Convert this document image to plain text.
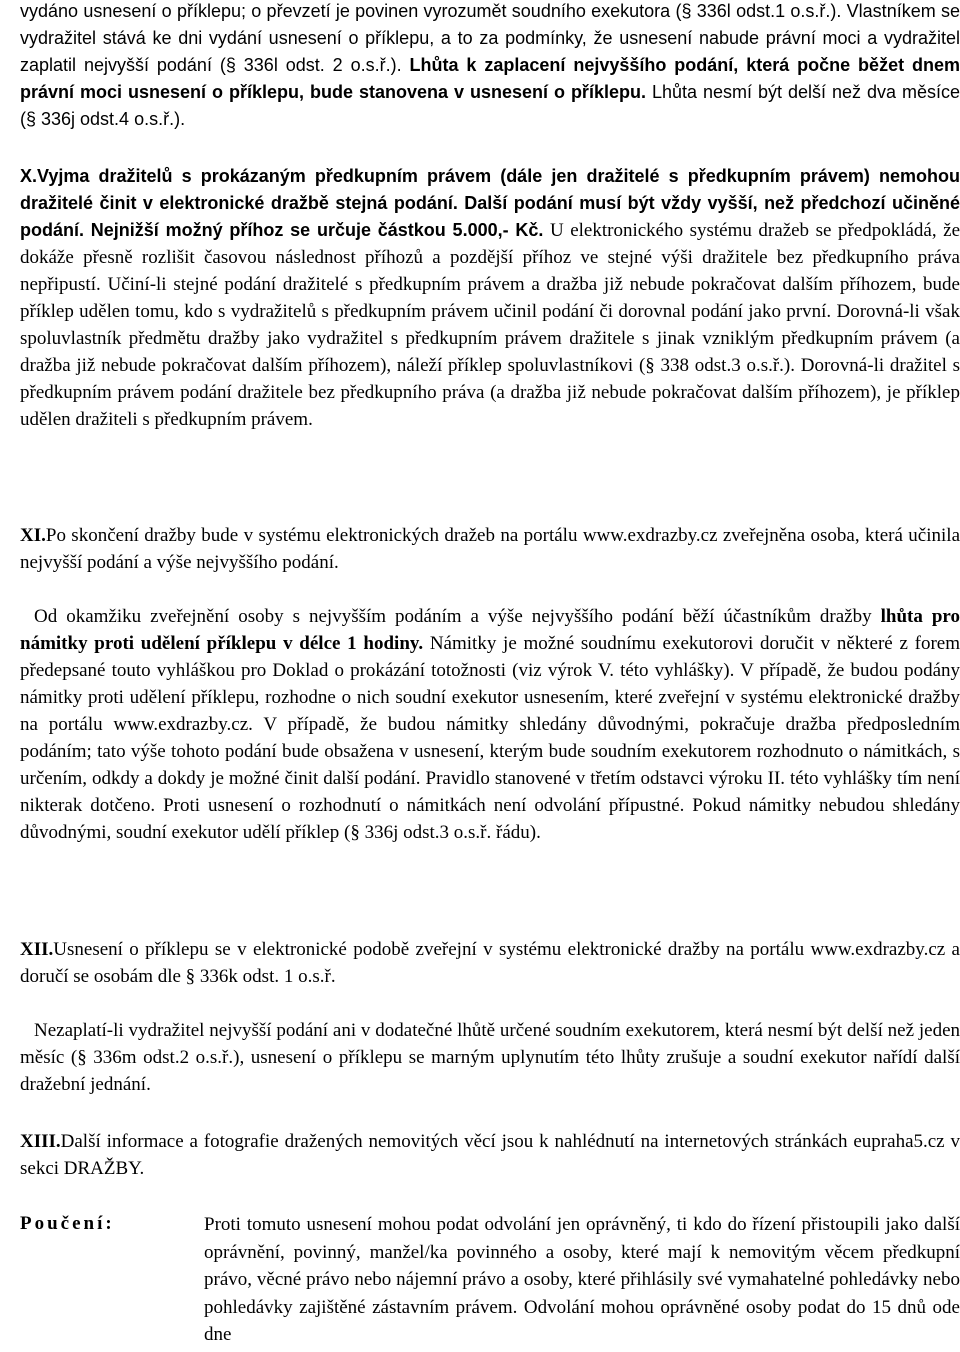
vydáno usnesení o příklepu; o převzetí je povinen vyrozumět soudního exekutora (§ 336l odst.1 o.s.ř.). Vlastníkem se vydražitel stává ke dni vydání usnesení o příklepu, a to za podmínky, že usnesení nabude právní moci a vydražitel zaplatil nejvyšší podání (§ 336l odst. 2 o.s.ř.). Lhůta k zaplacení nejvyššího podání, která počne běžet dnem právní moci usnesení o příklepu, bude stanovena v usnesení o příklepu. Lhůta nesmí být delší než dva měsíce (§ 336j odst.4 o.s.ř.).
X.Vyjma dražitelů s prokázaným předkupním právem (dále jen dražitelé s předkupním právem) nemohou dražitelé činit v elektronické dražbě stejná podání. Další podání musí být vždy vyšší, než předchozí učiněné podání. Nejnižší možný příhoz se určuje částkou 5.000,- Kč. U elektronického systému dražeb se předpokládá, že dokáže přesně rozlišit časovou následnost příhozů a pozdější příhoz ve stejné výši dražitele bez předkupního práva nepřipustí. Učiní-li stejné podání dražitelé s předkupním právem a dražba již nebude pokračovat dalším příhozem, bude příklep udělen tomu, kdo s vydražitelů s předkupním právem učinil podání či dorovnal podání jako první. Dorovná-li však spoluvlastník předmětu dražby jako vydražitel s předkupním právem dražitele s jinak vzniklým předkupním právem (a dražba již nebude pokračovat dalším příhozem), náleží příklep spoluvlastníkovi (§ 338 odst.3 o.s.ř.). Dorovná-li dražitel s předkupním právem podání dražitele bez předkupního práva (a dražba již nebude pokračovat dalším příhozem), je příklep udělen dražiteli s předkupním právem.
XI.Po skončení dražby bude v systému elektronických dražeb na portálu www.exdrazby.cz zveřejněna osoba, která učinila nejvyšší podání a výše nejvyššího podání.
Od okamžiku zveřejnění osoby s nejvyšším podáním a výše nejvyššího podání běží účastníkům dražby lhůta pro námitky proti udělení příklepu v délce 1 hodiny. Námitky je možné soudnímu exekutorovi doručit v některé z forem předepsané touto vyhláškou pro Doklad o prokázání totožnosti (viz výrok V. této vyhlášky). V případě, že budou podány námitky proti udělení příklepu, rozhodne o nich soudní exekutor usnesením, které zveřejní v systému elektronické dražby na portálu www.exdrazby.cz. V případě, že budou námitky shledány důvodnými, pokračuje dražba předposledním podáním; tato výše tohoto podání bude obsažena v usnesení, kterým bude soudním exekutorem rozhodnuto o námitkách, s určením, odkdy a dokdy je možné činit další podání. Pravidlo stanovené v třetím odstavci výroku II. této vyhlášky tím není nikterak dotčeno. Proti usnesení o rozhodnutí o námitkách není odvolání přípustné. Pokud námitky nebudou shledány důvodnými, soudní exekutor udělí příklep (§ 336j odst.3 o.s.ř. řádu).
XII.Usnesení o příklepu se v elektronické podobě zveřejní v systému elektronické dražby na portálu www.exdrazby.cz a doručí se osobám dle § 336k odst. 1 o.s.ř.
Nezaplatí-li vydražitel nejvyšší podání ani v dodatečné lhůtě určené soudním exekutorem, která nesmí být delší než jeden měsíc (§ 336m odst.2 o.s.ř.), usnesení o příklepu se marným uplynutím této lhůty zrušuje a soudní exekutor nařídí další dražební jednání.
XIII.Další informace a fotografie dražených nemovitých věcí jsou k nahlédnutí na internetových stránkách eupraha5.cz v sekci DRAŽBY.
Poučení:	Proti tomuto usnesení mohou podat odvolání jen oprávněný, ti kdo do řízení přistoupili jako další oprávnění, povinný, manžel/ka povinného a osoby, které mají k nemovitým věcem předkupní právo, věcné právo nebo nájemní právo a osoby, které přihlásily své vymahatelné pohledávky nebo pohledávky zajištěné zástavním právem. Odvolání mohou oprávněné osoby podat do 15 dnů ode dne
